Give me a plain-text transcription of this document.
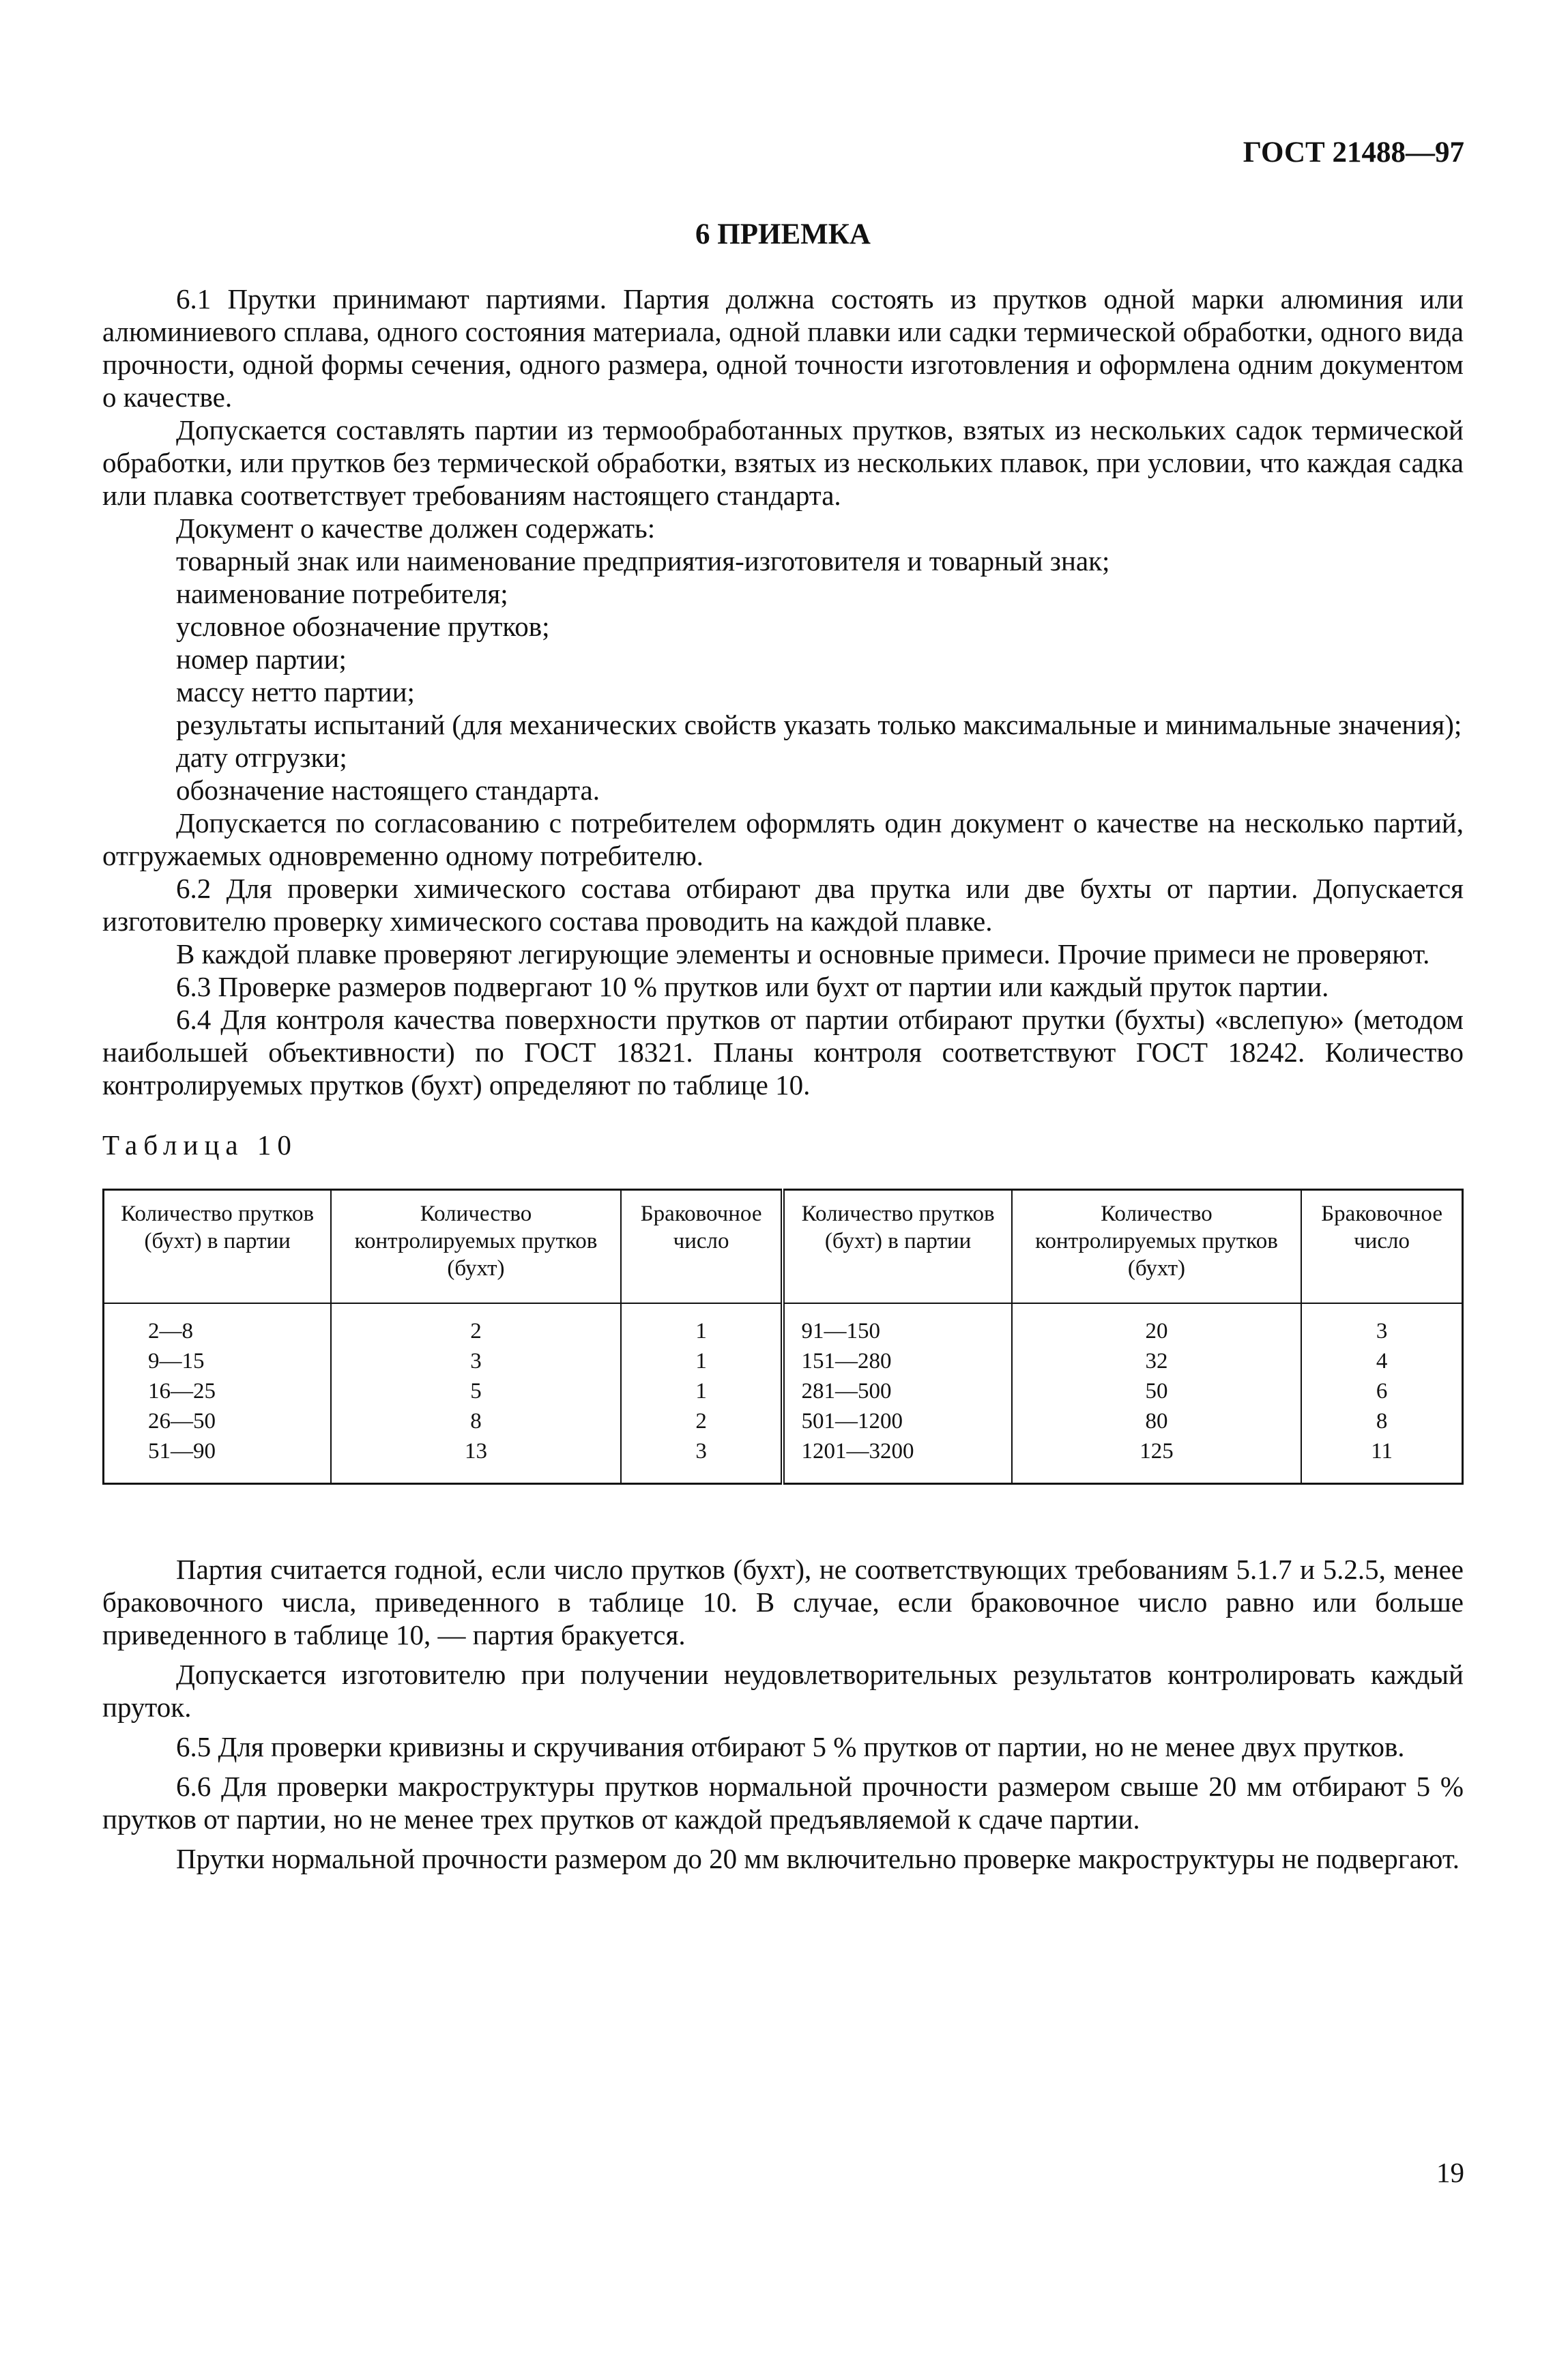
ГОСТ 21488—97
6 ПРИЕМКА

6.1 Прутки принимают партиями. Партия должна состоять из прутков одной марки алюминия или алюминиевого сплава, одного состояния материала, одной плавки или садки термической обработки, одного вида прочности, одной формы сечения, одного размера, одной точности изготовления и оформлена одним документом о качестве.

Допускается составлять партии из термообработанных прутков, взятых из нескольких садок термической обработки, или прутков без термической обработки, взятых из нескольких плавок, при условии, что каждая садка или плавка соответствует требованиям настоящего стандарта.

Документ о качестве должен содержать:

товарный знак или наименование предприятия-изготовителя и товарный знак;

наименование потребителя;

условное обозначение прутков;

номер партии;

массу нетто партии;

результаты испытаний (для механических свойств указать только максимальные и минимальные значения);

дату отгрузки;

обозначение настоящего стандарта.

Допускается по согласованию с потребителем оформлять один документ о качестве на несколько партий, отгружаемых одновременно одному потребителю.

6.2 Для проверки химического состава отбирают два прутка или две бухты от партии. Допускается изготовителю проверку химического состава проводить на каждой плавке.

В каждой плавке проверяют легирующие элементы и основные примеси. Прочие примеси не проверяют.

6.3 Проверке размеров подвергают 10 % прутков или бухт от партии или каждый пруток партии.

6.4 Для контроля качества поверхности прутков от партии отбирают прутки (бухты) «вслепую» (методом наибольшей объективности) по ГОСТ 18321. Планы контроля соответствуют ГОСТ 18242. Количество контролируемых прутков (бухт) определяют по таблице 10.

Таблица 10
Количество прутков (бухт) в партии	Количество контролируемых прутков (бухт)	Браковочное число	Количество прутков (бухт) в партии	Количество контролируемых прутков (бухт)	Браковочное число
2—8	2	1	91—150	20	3
9—15	3	1	151—280	32	4
16—25	5	1	281—500	50	6
26—50	8	2	501—1200	80	8
51—90	13	3	1201—3200	125	11

Партия считается годной, если число прутков (бухт), не соответствующих требованиям 5.1.7 и 5.2.5, менее браковочного числа, приведенного в таблице 10. В случае, если браковочное число равно или больше приведенного в таблице 10, — партия бракуется.

Допускается изготовителю при получении неудовлетворительных результатов контролировать каждый пруток.

6.5 Для проверки кривизны и скручивания отбирают 5 % прутков от партии, но не менее двух прутков.

6.6 Для проверки макроструктуры прутков нормальной прочности размером свыше 20 мм отбирают 5 % прутков от партии, но не менее трех прутков от каждой предъявляемой к сдаче партии.

Прутки нормальной прочности размером до 20 мм включительно проверке макроструктуры не подвергают.

19
